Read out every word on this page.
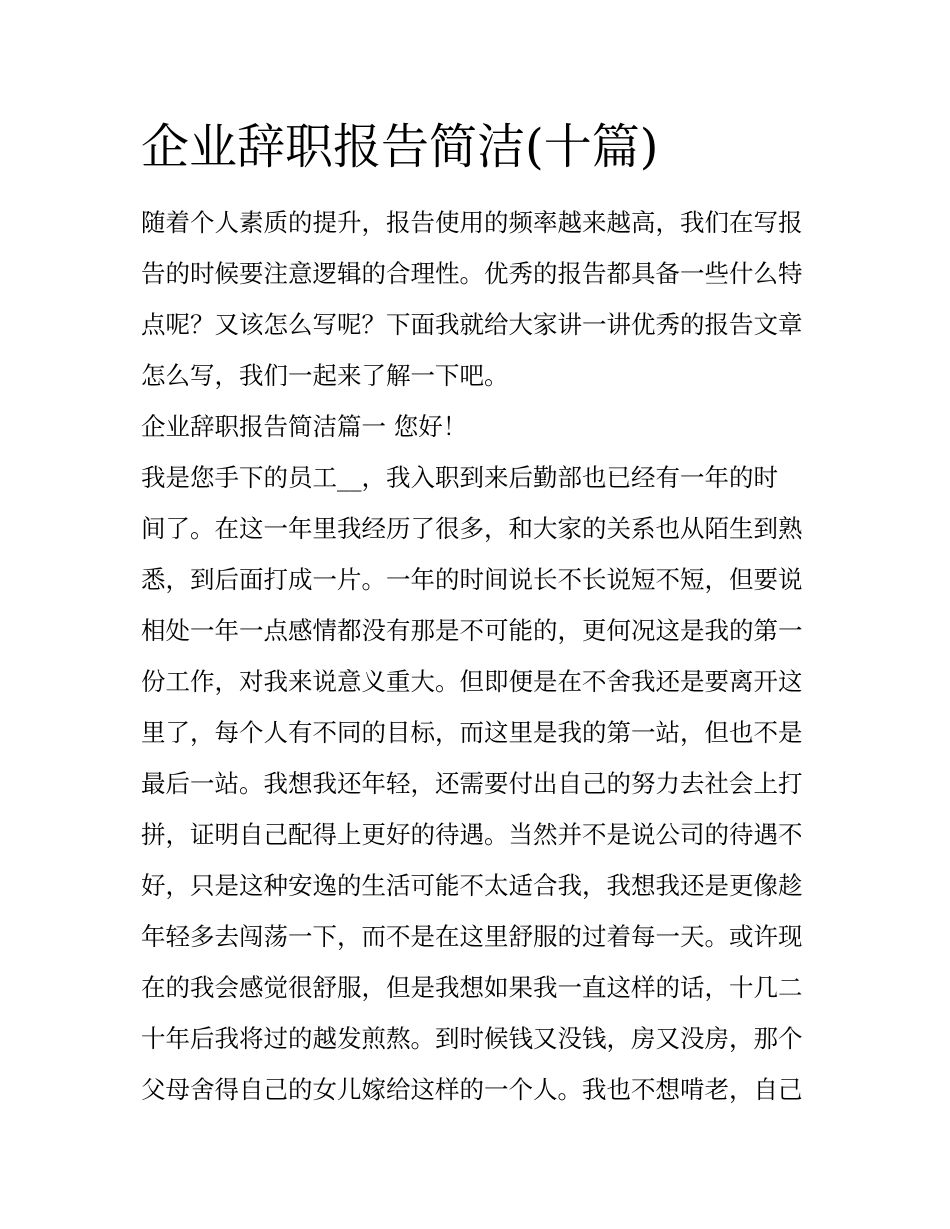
企业辞职报告简洁(十篇)

随着个人素质的提升，报告使用的频率越来越高，我们在写报

告的时候要注意逻辑的合理性。优秀的报告都具备一些什么特

点呢？又该怎么写呢？下面我就给大家讲一讲优秀的报告文章

怎么写，我们一起来了解一下吧。

企业辞职报告简洁篇一 您好！

我是您手下的员工__，我入职到来后勤部也已经有一年的时

间了。在这一年里我经历了很多，和大家的关系也从陌生到熟

悉，到后面打成一片。一年的时间说长不长说短不短，但要说

相处一年一点感情都没有那是不可能的，更何况这是我的第一

份工作，对我来说意义重大。但即便是在不舍我还是要离开这

里了，每个人有不同的目标，而这里是我的第一站，但也不是

最后一站。我想我还年轻，还需要付出自己的努力去社会上打

拼，证明自己配得上更好的待遇。当然并不是说公司的待遇不

好，只是这种安逸的生活可能不太适合我，我想我还是更像趁

年轻多去闯荡一下，而不是在这里舒服的过着每一天。或许现

在的我会感觉很舒服，但是我想如果我一直这样的话，十几二

十年后我将过的越发煎熬。到时候钱又没钱，房又没房，那个

父母舍得自己的女儿嫁给这样的一个人。我也不想啃老，自己
